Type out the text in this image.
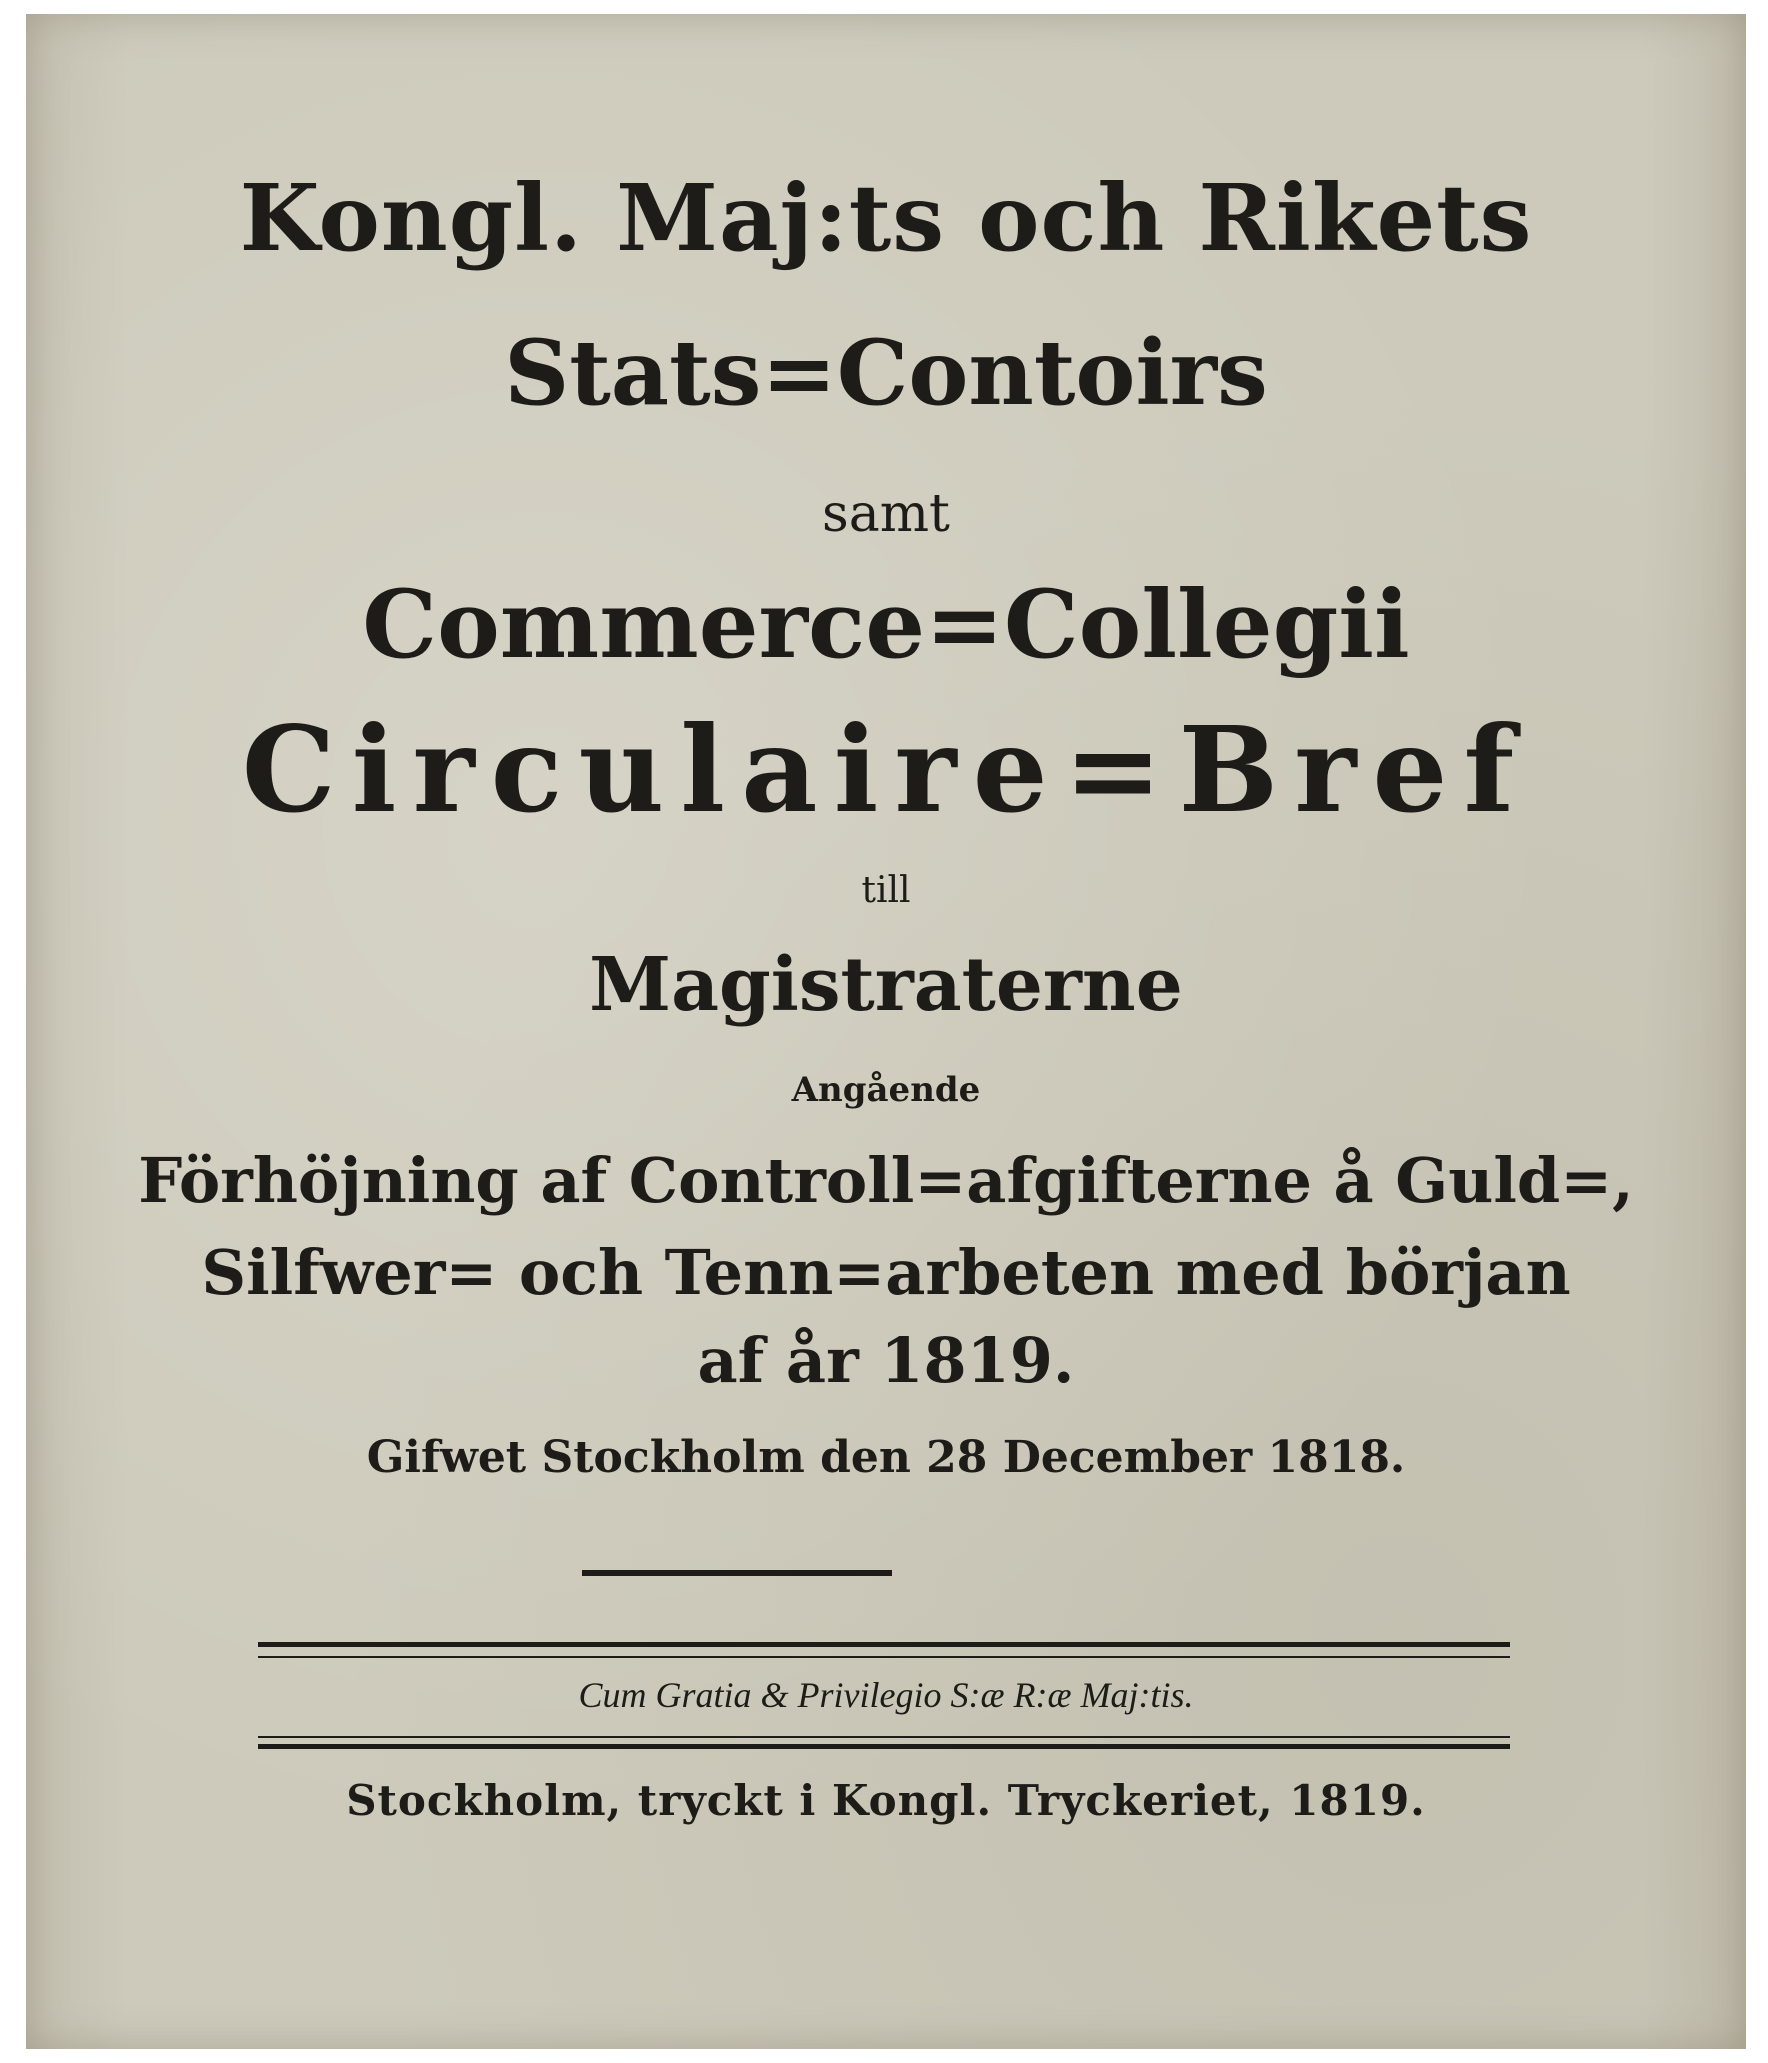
Kongl. Maj:ts och Rikets
Stats=Contoirs
samt
Commerce=Collegii
Circulaire=Bref
till
Magistraterne
Angående
Förhöjning af Controll=afgifterne å Guld=,
Silfwer= och Tenn=arbeten med början
af år 1819.
Gifwet Stockholm den 28 December 1818.
Cum Gratia & Privilegio S:æ R:æ Maj:tis.
Stockholm, tryckt i Kongl. Tryckeriet, 1819.
